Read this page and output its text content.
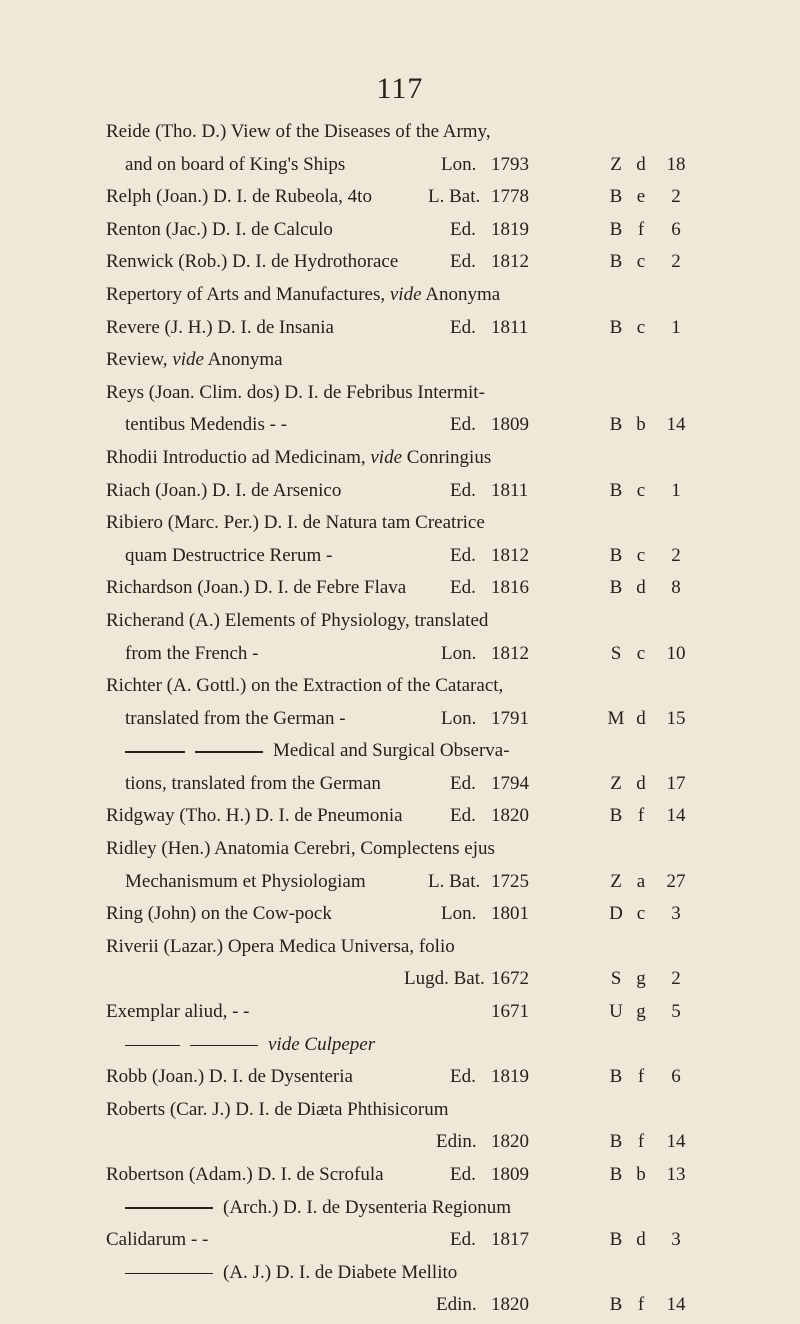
117
Reide (Tho. D.) View of the Diseases of the Army,
and on board of King's Ships	Lon. 1793	Z d	18
Relph (Joan.) D. I. de Rubeola, 4to	L. Bat. 1778	B e	2
Renton (Jac.) D. I. de Calculo	Ed. 1819	B f	6
Renwick (Rob.) D. I. de Hydrothorace	Ed. 1812	B c	2
Repertory of Arts and Manufactures, vide Anonyma
Revere (J. H.) D. I. de Insania	Ed. 1811	B c	1
Review, vide Anonyma
Reys (Joan. Clim. dos) D. I. de Febribus Intermit-
tentibus Medendis - -	Ed. 1809	B b	14
Rhodii Introductio ad Medicinam, vide Conringius
Riach (Joan.) D. I. de Arsenico	Ed. 1811	B c	1
Ribiero (Marc. Per.) D. I. de Natura tam Creatrice
quam Destructrice Rerum -	Ed. 1812	B c	2
Richardson (Joan.) D. I. de Febre Flava Ed. 1816	B d	8
Richerand (A.) Elements of Physiology, translated
from the French -	Lon. 1812	S c	10
Richter (A. Gottl.) on the Extraction of the Cataract,
translated from the German -	Lon. 1791	M d	15
Medical and Surgical Observa-
tions, translated from the German	Ed. 1794	Z d	17
Ridgway (Tho. H.) D. I. de Pneumonia Ed. 1820	B f	14
Ridley (Hen.) Anatomia Cerebri, Complectens ejus
Mechanismum et Physiologiam	L. Bat. 1725	Z a	27
Ring (John) on the Cow-pock	Lon. 1801	D c	3
Riverii (Lazar.) Opera Medica Universa, folio
Lugd. Bat. 1672	S g	2
Exemplar aliud, - -	1671	U g	5
vide Culpeper
Robb (Joan.) D. I. de Dysenteria	Ed. 1819	B f	6
Roberts (Car. J.) D. I. de Diæta Phthisicorum
Edin. 1820	B f	14
Robertson (Adam.) D. I. de Scrofula	Ed. 1809	B b	13
(Arch.) D. I. de Dysenteria Regionum
Calidarum - -	Ed. 1817	B d	3
(A. J.) D. I. de Diabete Mellito
Edin. 1820	B f	14
